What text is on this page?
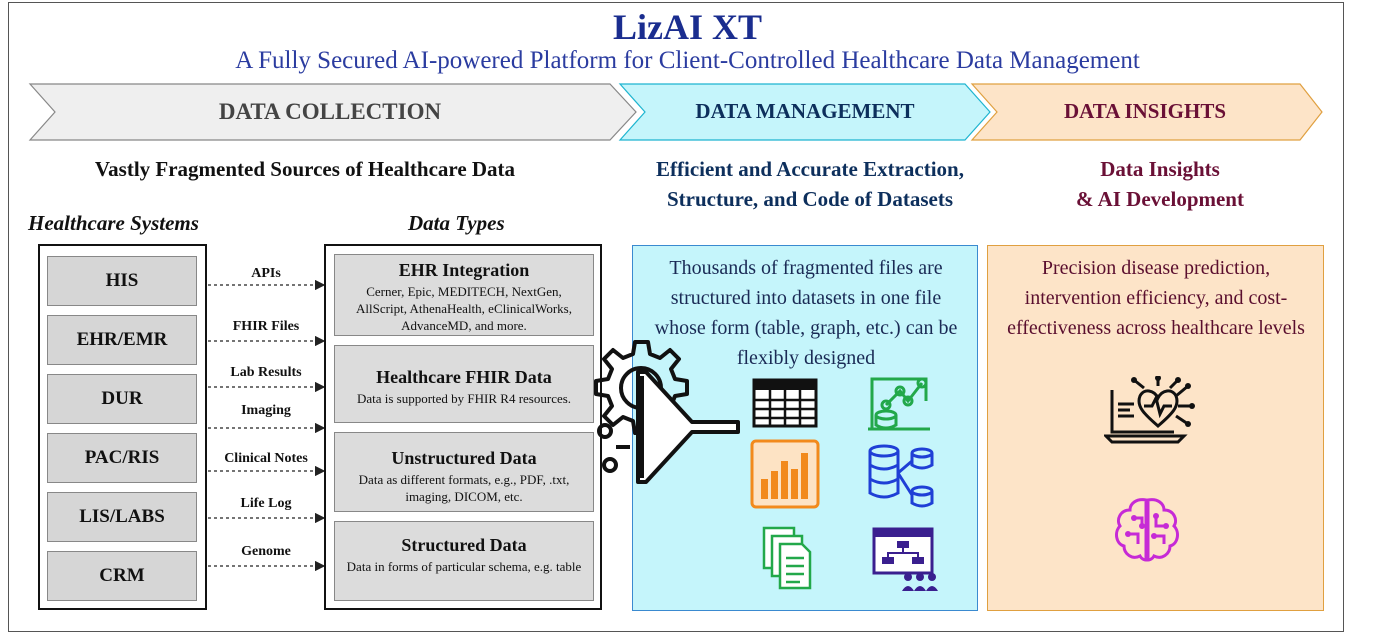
LizAI XT
A Fully Secured AI-powered Platform for Client-Controlled Healthcare Data Management
DATA COLLECTION	DATA MANAGEMENT	DATA INSIGHTS
Vastly Fragmented Sources of Healthcare Data	Efficient and Accurate Extraction,
Structure, and Code of Datasets
Data Insights
& AI Development
Healthcare Systems	Data Types
HIS
EHR/EMR
DUR
PAC/RIS
LIS/LABS
CRM
APIs
FHIR Files
Lab Results
Imaging
Clinical Notes
Life Log
Genome
EHR Integration
Cerner, Epic, MEDITECH, NextGen, AllScript, AthenaHealth, eClinicalWorks, AdvanceMD, and more.
Healthcare FHIR Data
Data is supported by FHIR R4 resources.
Unstructured Data
Data as different formats, e.g., PDF, .txt, imaging, DICOM, etc.
Structured Data
Data in forms of particular schema, e.g. table
Thousands of fragmented files are structured into datasets in one file whose form (table, graph, etc.) can be flexibly designed
Precision disease prediction, intervention efficiency, and cost-effectiveness across healthcare levels
